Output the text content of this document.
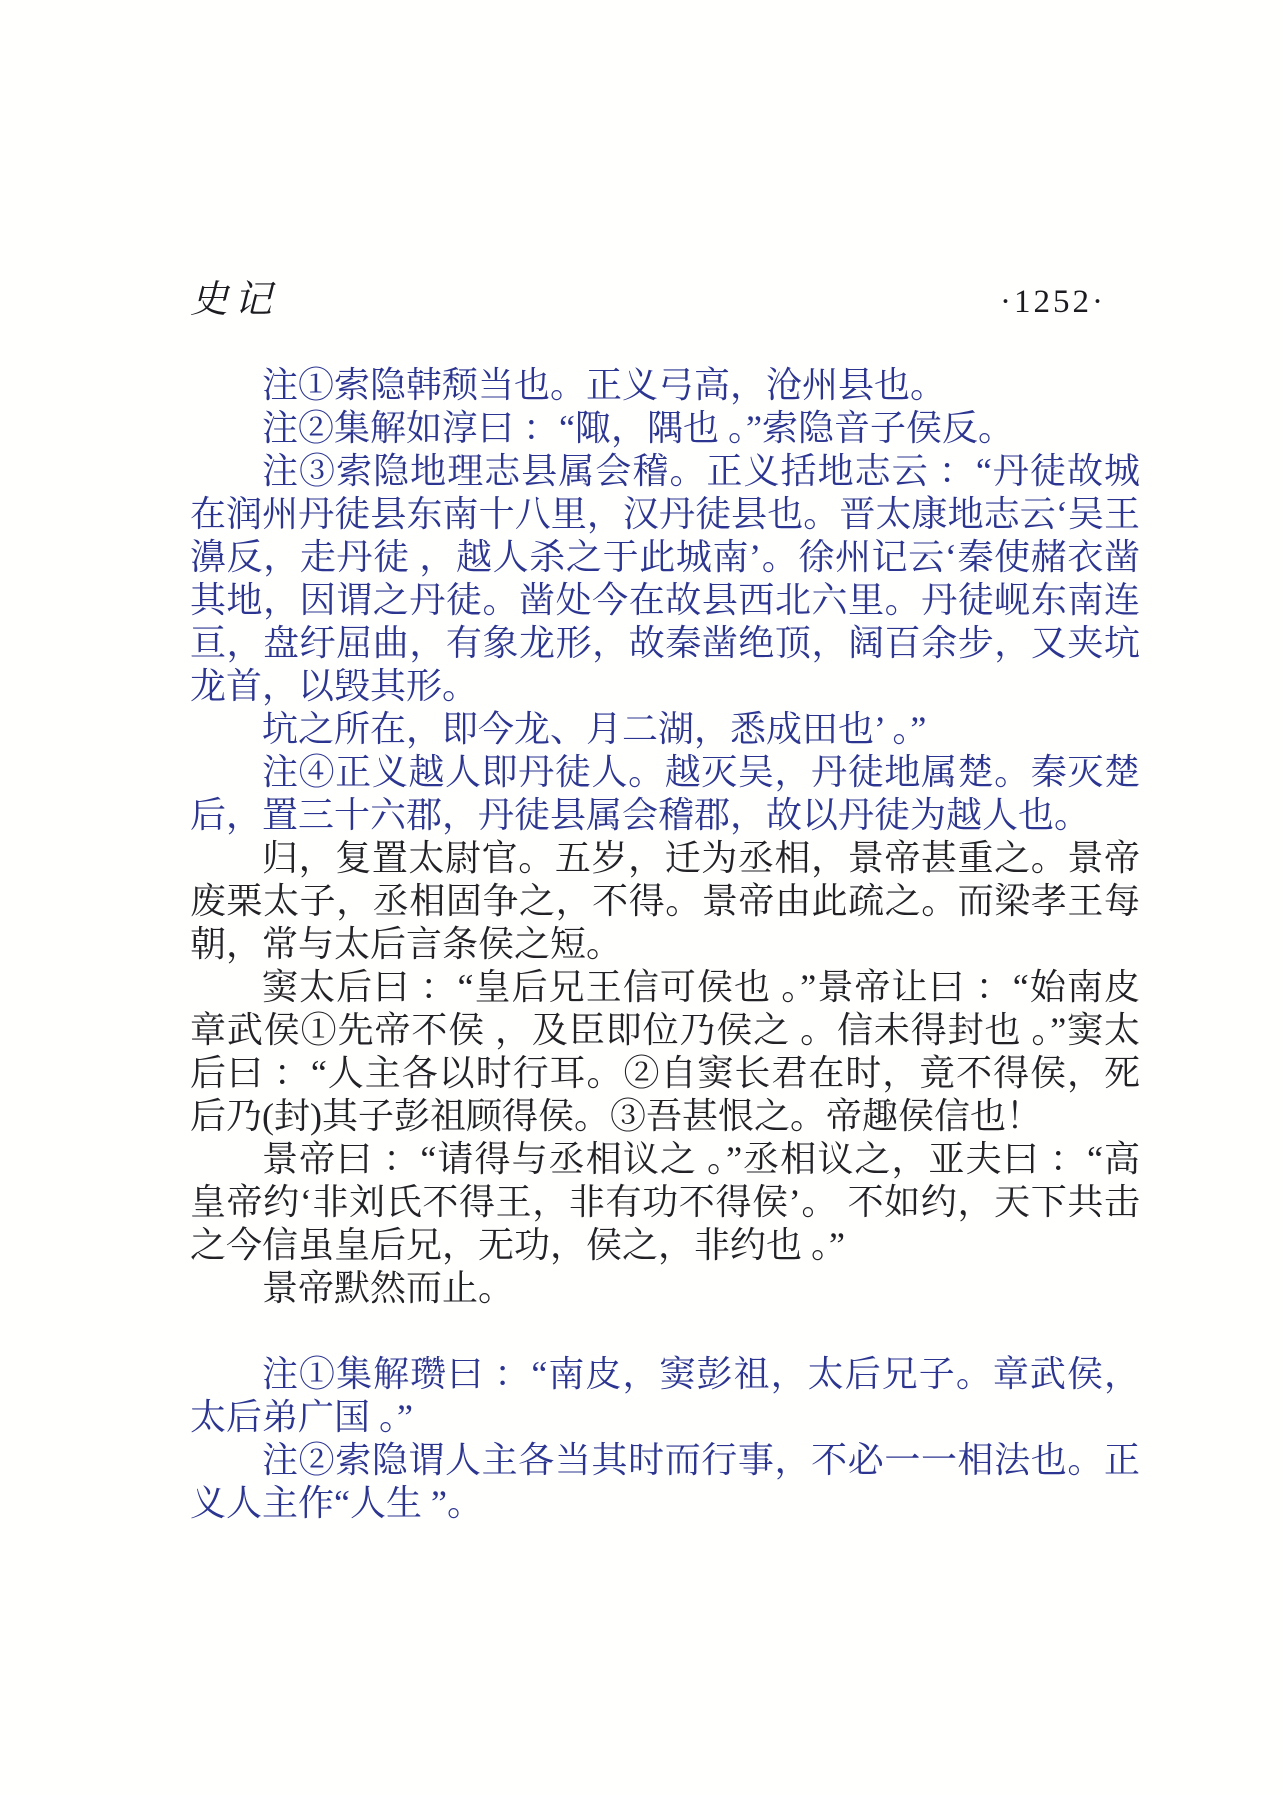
史记	·1252·

注①索隐韩颓当也。正义弓高，沧州县也。

注②集解如淳曰 ：“陬，隅也 。”索隐音子侯反。

注③索隐地理志县属会稽。正义括地志云 ：“丹徒故城在润州丹徒县东南十八里，汉丹徒县也。晋太康地志云‘吴王濞反，走丹徒 ，越人杀之于此城南’。徐州记云‘秦使赭衣凿其地，因谓之丹徒。凿处今在故县西北六里。丹徒岘东南连亘，盘纡屈曲，有象龙形，故秦凿绝顶，阔百余步，又夹坑龙首，以毁其形。

坑之所在，即今龙、月二湖，悉成田也’ 。”

注④正义越人即丹徒人。越灭吴，丹徒地属楚。秦灭楚后，置三十六郡，丹徒县属会稽郡，故以丹徒为越人也。

归，复置太尉官。五岁，迁为丞相，景帝甚重之。景帝废栗太子，丞相固争之，不得。景帝由此疏之。而梁孝王每朝，常与太后言条侯之短。

窦太后曰 ：“皇后兄王信可侯也 。”景帝让曰 ：“始南皮章武侯①先帝不侯 ，及臣即位乃侯之 。信未得封也 。”窦太后曰 ：“人主各以时行耳。②自窦长君在时，竟不得侯，死后乃(封)其子彭祖顾得侯。③吾甚恨之。帝趣侯信也！

景帝曰 ：“请得与丞相议之 。”丞相议之，亚夫曰 ：“高皇帝约‘非刘氏不得王，非有功不得侯’。 不如约，天下共击之今信虽皇后兄，无功，侯之，非约也 。”

景帝默然而止。

注①集解瓒曰 ：“南皮，窦彭祖，太后兄子。章武侯，太后弟广国 。”

注②索隐谓人主各当其时而行事，不必一一相法也。正义人主作“人生 ”。
